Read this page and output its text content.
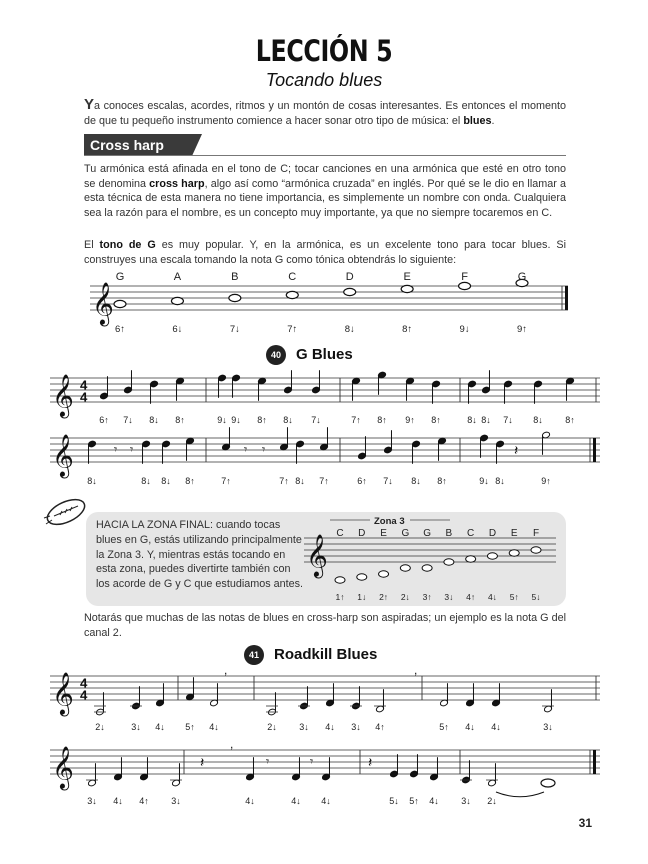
LECCIÓN 5
Tocando blues
Ya conoces escalas, acordes, ritmos y un montón de cosas interesantes. Es entonces el momento de que tu pequeño instrumento comience a hacer sonar otro tipo de música: el blues.
Cross harp
Tu armónica está afinada en el tono de C; tocar canciones en una armónica que esté en otro tono se denomina cross harp, algo así como “armónica cruzada” en inglés. Por qué se le dio en llamar a esta técnica de esta manera no tiene importancia, es simplemente un nombre con onda. Cualquiera sea la razón para el nombre, es un concepto muy importante, ya que no siempre tocaremos en C.
El tono de G es muy popular. Y, en la armónica, es un excelente tono para tocar blues. Si construyes una escala tomando la nota G como tónica obtendrás lo siguiente:
𝄞
G	A	B	C	D	E	F	G
6↑	6↓	7↓	7↑	8↓	8↑	9↓	9↑
40	G Blues
𝄞 4
4
6↑ 7↓ 8↓ 8↑	9↓ 9↓ 8↑ 8↓ 7↓	7↑ 8↑ 9↑ 8↑	8↓ 8↓ 7↓ 8↓ 8↑
𝄞	𝄾 𝄾	𝄾 𝄾	𝄽
8↓	8↓ 8↓ 8↑	7↑	7↑ 8↓ 7↑	6↑ 7↓ 8↓ 8↑	9↓ 8↓	9↑
HACIA LA ZONA FINAL: cuando tocas blues en G, estás utilizando principalmente la Zona 3. Y, mientras estás tocando en esta zona, puedes divertirte también con los acorde de G y C que estudiamos antes.
𝄞
Zona 3
C D E G G B C D E F
1↑ 1↓ 2↑ 2↓ 3↑ 3↓ 4↑ 4↓ 5↑ 5↓
Notarás que muchas de las notas de blues en cross-harp son aspiradas; un ejemplo es la nota G del canal 2.
41	Roadkill Blues
𝄞 4
4
2↓	3↓ 4↓ 5↑ 4↓	2↓ 3↓ 4↓ 3↓ 4↑	5↑ 4↓ 4↓	3↓
,	,
𝄞	𝄽	𝄽
𝄾	𝄾
,
3↓ 4↓ 4↑ 3↓	4↓	4↓ 4↓	5↓ 5↑ 4↓ 3↓ 2↓
31
